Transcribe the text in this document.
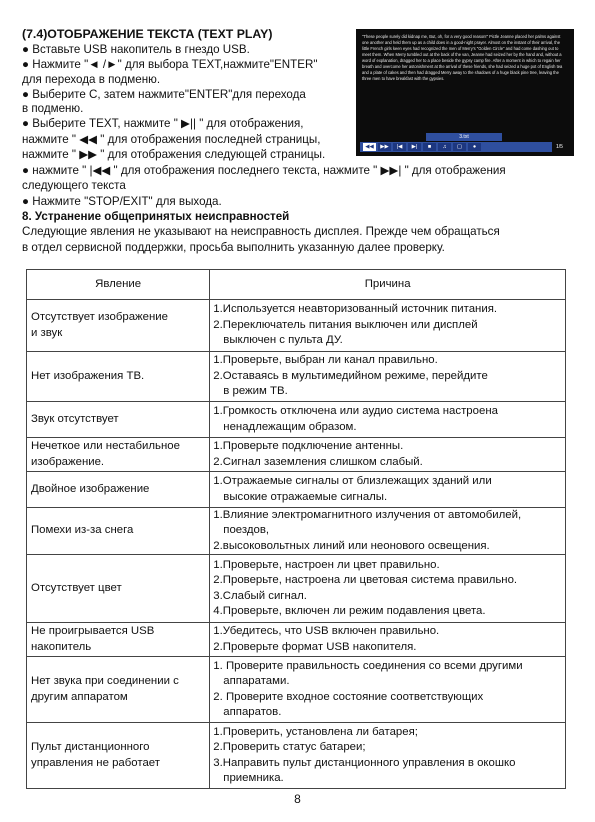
(7.4)ОТОБРАЖЕНИЕ ТЕКСТА (TEXT PLAY)
● Вставьте USB накопитель в гнездо USB.
● Нажмите "◄ /►" для выбора TEXT,нажмите"ENTER"
для перехода в подменю.
● Выберите C, затем нажмите"ENTER"для перехода
в подменю.
● Выберите TEXT, нажмите " ▶|| " для отображения,
нажмите " ◀◀ " для отображения последней страницы,
нажмите " ▶▶ " для отображения следующей страницы.
● нажмите " |◀◀ " для отображения последнего текста, нажмите " ▶▶| " для отображения
следующего текста
● Нажмите "STOP/EXIT" для выхода.
"These people surely did kidnap me, But, oh, for a very good reason!" Pictle Jeanne placed her palms against one another and held them up as a child does in a good-night prayer. Almost on the instant of their arrival, the little French girls keen eyes had recognized the men of Merry's "Golden Circle" and had come dashing out to meet them. When Merry tumbled out at the back of the van, Jeanne had seized her by the hand and, without a word of explanation, dragged her to a place beside the gypsy camp fire. After a moment in which to regain her breath and overcome her astonishment at the arrival of these friends, she had seized a huge pot of English tea and a plate of cakes and then had dragged Merry away to the shadows of a huge black pine tree, leaving the three men to have breakfast with the gypsies.
3.txt
◀◀	▶▶	|◀	▶|	■	♫	▢	●	1/5
8. Устранение общепринятых неисправностей
Следующие явления не указывают на неисправность дисплея. Прежде чем обращаться
в отдел сервисной поддержки, просьба выполнить указанную далее проверку.
Явление	Причина

Отсутствует изображение
и звук	1.Используется неавторизованный источник питания.
2.Переключатель питания выключен или дисплей
выключен с пульта ДУ.

Нет изображения ТВ.	1.Проверьте, выбран ли канал правильно.
2.Оставаясь в мультимедийном режиме, перейдите
в режим ТВ.

Звук отсутствует	1.Громкость отключена или аудио система настроена
ненадлежащим образом.

Нечеткое или нестабильное
изображение.	1.Проверьте подключение антенны.
2.Сигнал заземления слишком слабый.

Двойное изображение	1.Отражаемые сигналы от близлежащих зданий или
высокие отражаемые сигналы.

Помехи из-за снега	1.Влияние электромагнитного излучения от автомобилей,
поездов,
2.высоковольтных линий или неонового освещения.

Отсутствует цвет	1.Проверьте, настроен ли цвет правильно.
2.Проверьте, настроена ли цветовая система правильно.
3.Слабый сигнал.
4.Проверьте, включен ли режим подавления цвета.

Не проигрывается USB
накопитель	1.Убедитесь, что USB включен правильно.
2.Проверьте формат USB накопителя.

Нет звука при соединении с
другим аппаратом	1. Проверите правильность соединения со всеми другими
аппаратами.
2. Проверите входное состояние соответствующих
аппаратов.

Пульт дистанционного
управления не работает	1.Проверить, установлена ли батарея;
2.Проверить статус батареи;
3.Направить пульт дистанционного управления в окошко
приемника.
8
